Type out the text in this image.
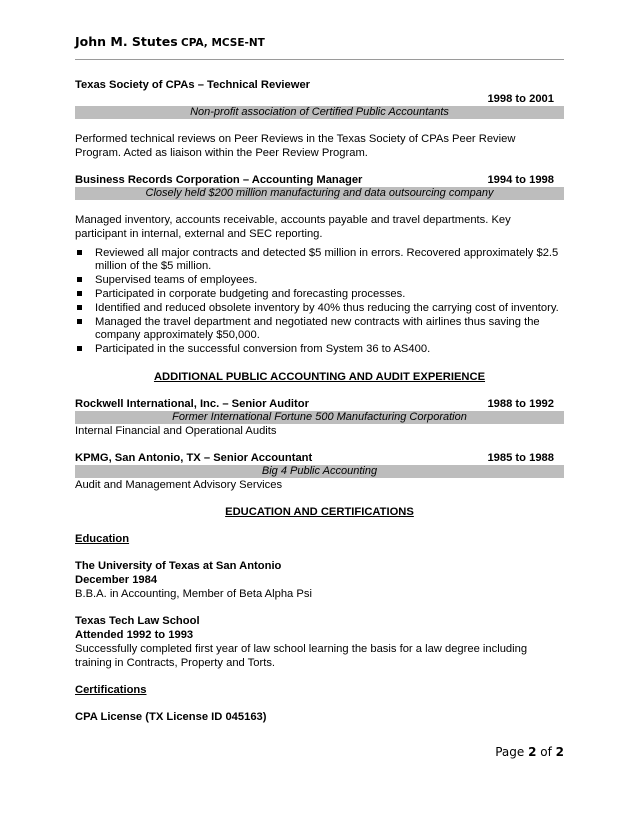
John M. Stutes CPA, MCSE-NT
Texas Society of CPAs – Technical Reviewer
1998 to 2001
Non-profit association of Certified Public Accountants

Performed technical reviews on Peer Reviews in the Texas Society of CPAs Peer Review Program. Acted as liaison within the Peer Review Program.

Business Records Corporation – Accounting Manager	1994 to 1998
Closely held $200 million manufacturing and data outsourcing company

Managed inventory, accounts receivable, accounts payable and travel departments. Key participant in internal, external and SEC reporting.

Reviewed all major contracts and detected $5 million in errors. Recovered approximately $2.5 million of the $5 million.
Supervised teams of employees.
Participated in corporate budgeting and forecasting processes.
Identified and reduced obsolete inventory by 40% thus reducing the carrying cost of inventory.
Managed the travel department and negotiated new contracts with airlines thus saving the company approximately $50,000.
Participated in the successful conversion from System 36 to AS400.
ADDITIONAL PUBLIC ACCOUNTING AND AUDIT EXPERIENCE
Rockwell International, Inc. – Senior Auditor	1988 to 1992
Former International Fortune 500 Manufacturing Corporation

Internal Financial and Operational Audits

KPMG, San Antonio, TX – Senior Accountant	1985 to 1988
Big 4 Public Accounting

Audit and Management Advisory Services

EDUCATION AND CERTIFICATIONS
Education
The University of Texas at San Antonio
December 1984
B.B.A. in Accounting, Member of Beta Alpha Psi
Texas Tech Law School
Attended 1992 to 1993
Successfully completed first year of law school learning the basis for a law degree including training in Contracts, Property and Torts.
Certifications
CPA License (TX License ID 045163)
Page 2 of 2
